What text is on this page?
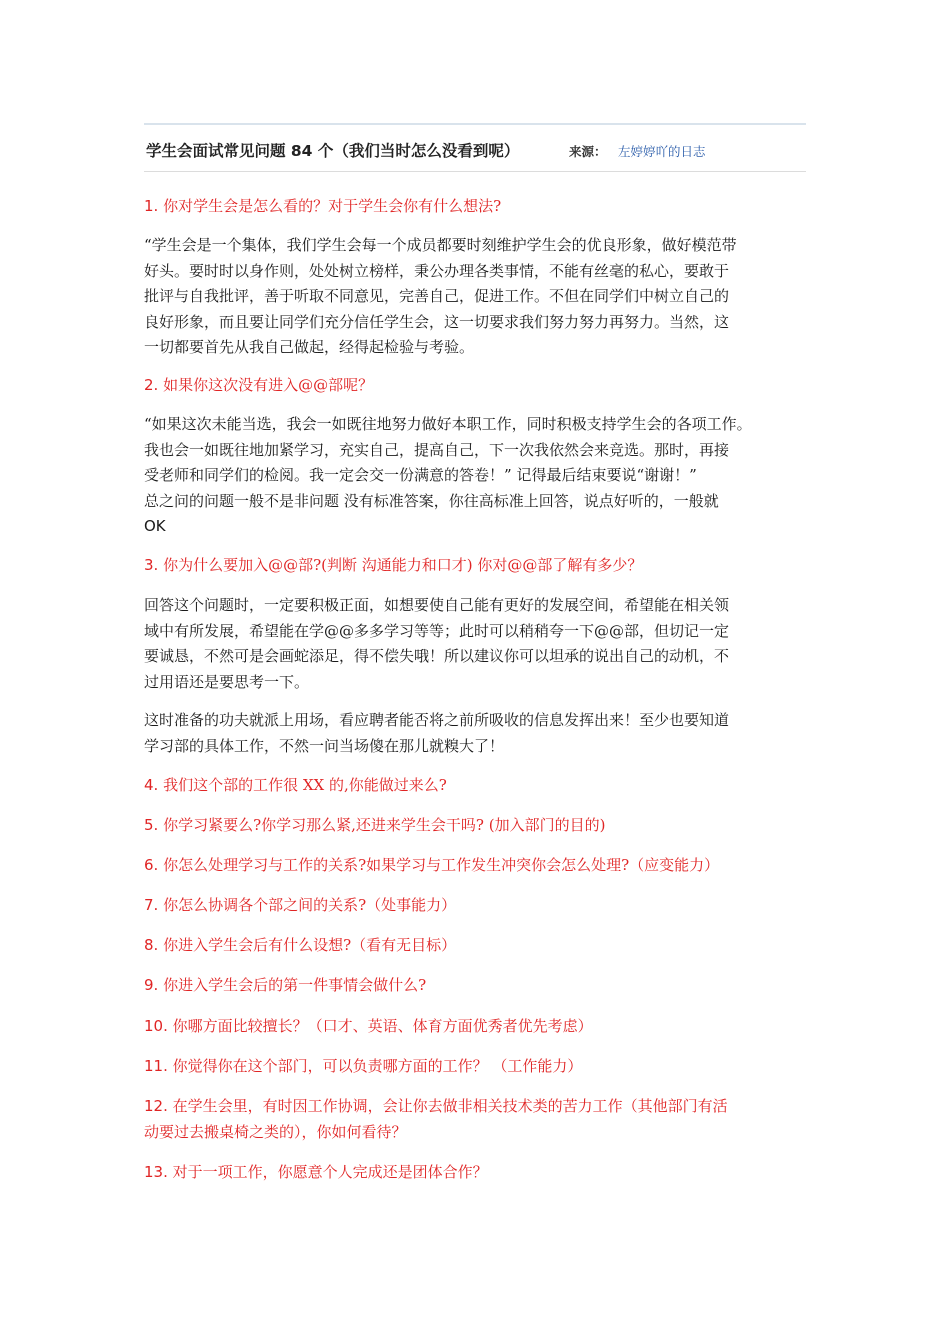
学生会面试常见问题 84 个（我们当时怎么没看到呢）	来源： 左婷婷吖的日志
1. 你对学生会是怎么看的？对于学生会你有什么想法?
“学生会是一个集体，我们学生会每一个成员都要时刻维护学生会的优良形象，做好模范带
好头。要时时以身作则，处处树立榜样，秉公办理各类事情，不能有丝毫的私心，要敢于
批评与自我批评，善于听取不同意见，完善自己，促进工作。不但在同学们中树立自己的
良好形象，而且要让同学们充分信任学生会，这一切要求我们努力努力再努力。当然，这
一切都要首先从我自己做起，经得起检验与考验。
2. 如果你这次没有进入@@部呢？
“如果这次未能当选，我会一如既往地努力做好本职工作，同时积极支持学生会的各项工作。
我也会一如既往地加紧学习，充实自己，提高自己，下一次我依然会来竞选。那时，再接
受老师和同学们的检阅。我一定会交一份满意的答卷！” 记得最后结束要说“谢谢！”
总之问的问题一般不是非问题 没有标准答案，你往高标准上回答，说点好听的，一般就
OK
3. 你为什么要加入@@部?(判断 沟通能力和口才) 你对@@部了解有多少？
回答这个问题时，一定要积极正面，如想要使自己能有更好的发展空间，希望能在相关领
域中有所发展，希望能在学@@多多学习等等；此时可以稍稍夸一下@@部，但切记一定
要诚恳，不然可是会画蛇添足，得不偿失哦！所以建议你可以坦承的说出自己的动机，不
过用语还是要思考一下。
这时准备的功夫就派上用场，看应聘者能否将之前所吸收的信息发挥出来！至少也要知道
学习部的具体工作，不然一问当场傻在那儿就糗大了！
4. 我们这个部的工作很 XX 的,你能做过来么?
5. 你学习紧要么?你学习那么紧,还进来学生会干吗? (加入部门的目的)
6. 你怎么处理学习与工作的关系?如果学习与工作发生冲突你会怎么处理?（应变能力）
7. 你怎么协调各个部之间的关系?（处事能力）
8. 你进入学生会后有什么设想?（看有无目标）
9. 你进入学生会后的第一件事情会做什么?
10. 你哪方面比较擅长？（口才、英语、体育方面优秀者优先考虑）
11. 你觉得你在这个部门，可以负责哪方面的工作？ （工作能力）
12. 在学生会里，有时因工作协调，会让你去做非相关技术类的苦力工作（其他部门有活
动要过去搬桌椅之类的），你如何看待？
13. 对于一项工作，你愿意个人完成还是团体合作？
